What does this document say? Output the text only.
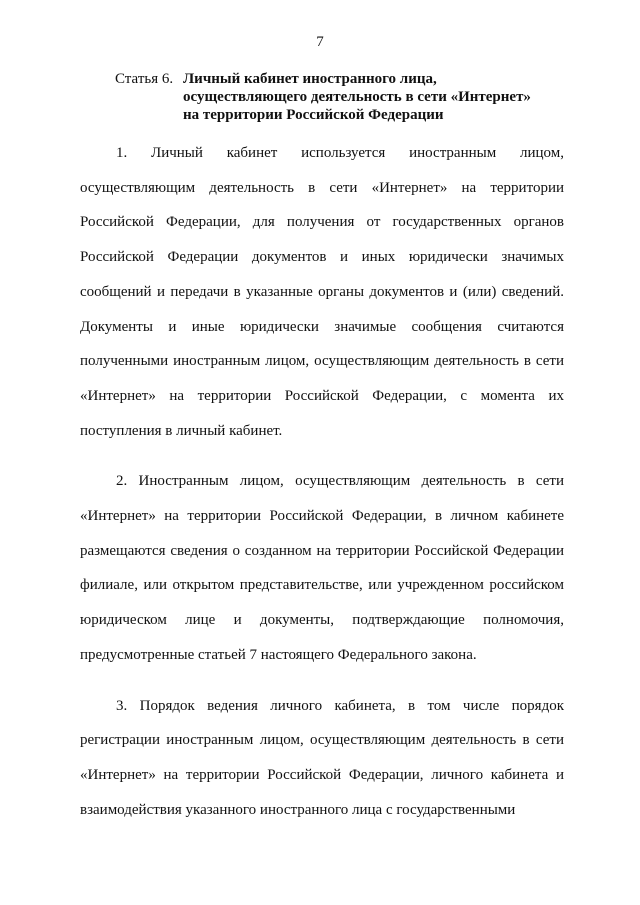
7
Статья 6. Личный кабинет иностранного лица,
осуществляющего деятельность в сети «Интернет»
на территории Российской Федерации

1. Личный кабинет используется иностранным лицом, осуществляющим деятельность в сети «Интернет» на территории Российской Федерации, для получения от государственных органов Российской Федерации документов и иных юридически значимых сообщений и передачи в указанные органы документов и (или) сведений. Документы и иные юридически значимые сообщения считаются полученными иностранным лицом, осуществляющим деятельность в сети «Интернет» на территории Российской Федерации, с момента их поступления в личный кабинет.

2. Иностранным лицом, осуществляющим деятельность в сети «Интернет» на территории Российской Федерации, в личном кабинете размещаются сведения о созданном на территории Российской Федерации филиале, или открытом представительстве, или учрежденном российском юридическом лице и документы, подтверждающие полномочия, предусмотренные статьей 7 настоящего Федерального закона.

3. Порядок ведения личного кабинета, в том числе порядок регистрации иностранным лицом, осуществляющим деятельность в сети «Интернет» на территории Российской Федерации, личного кабинета и взаимодействия указанного иностранного лица с государственными
